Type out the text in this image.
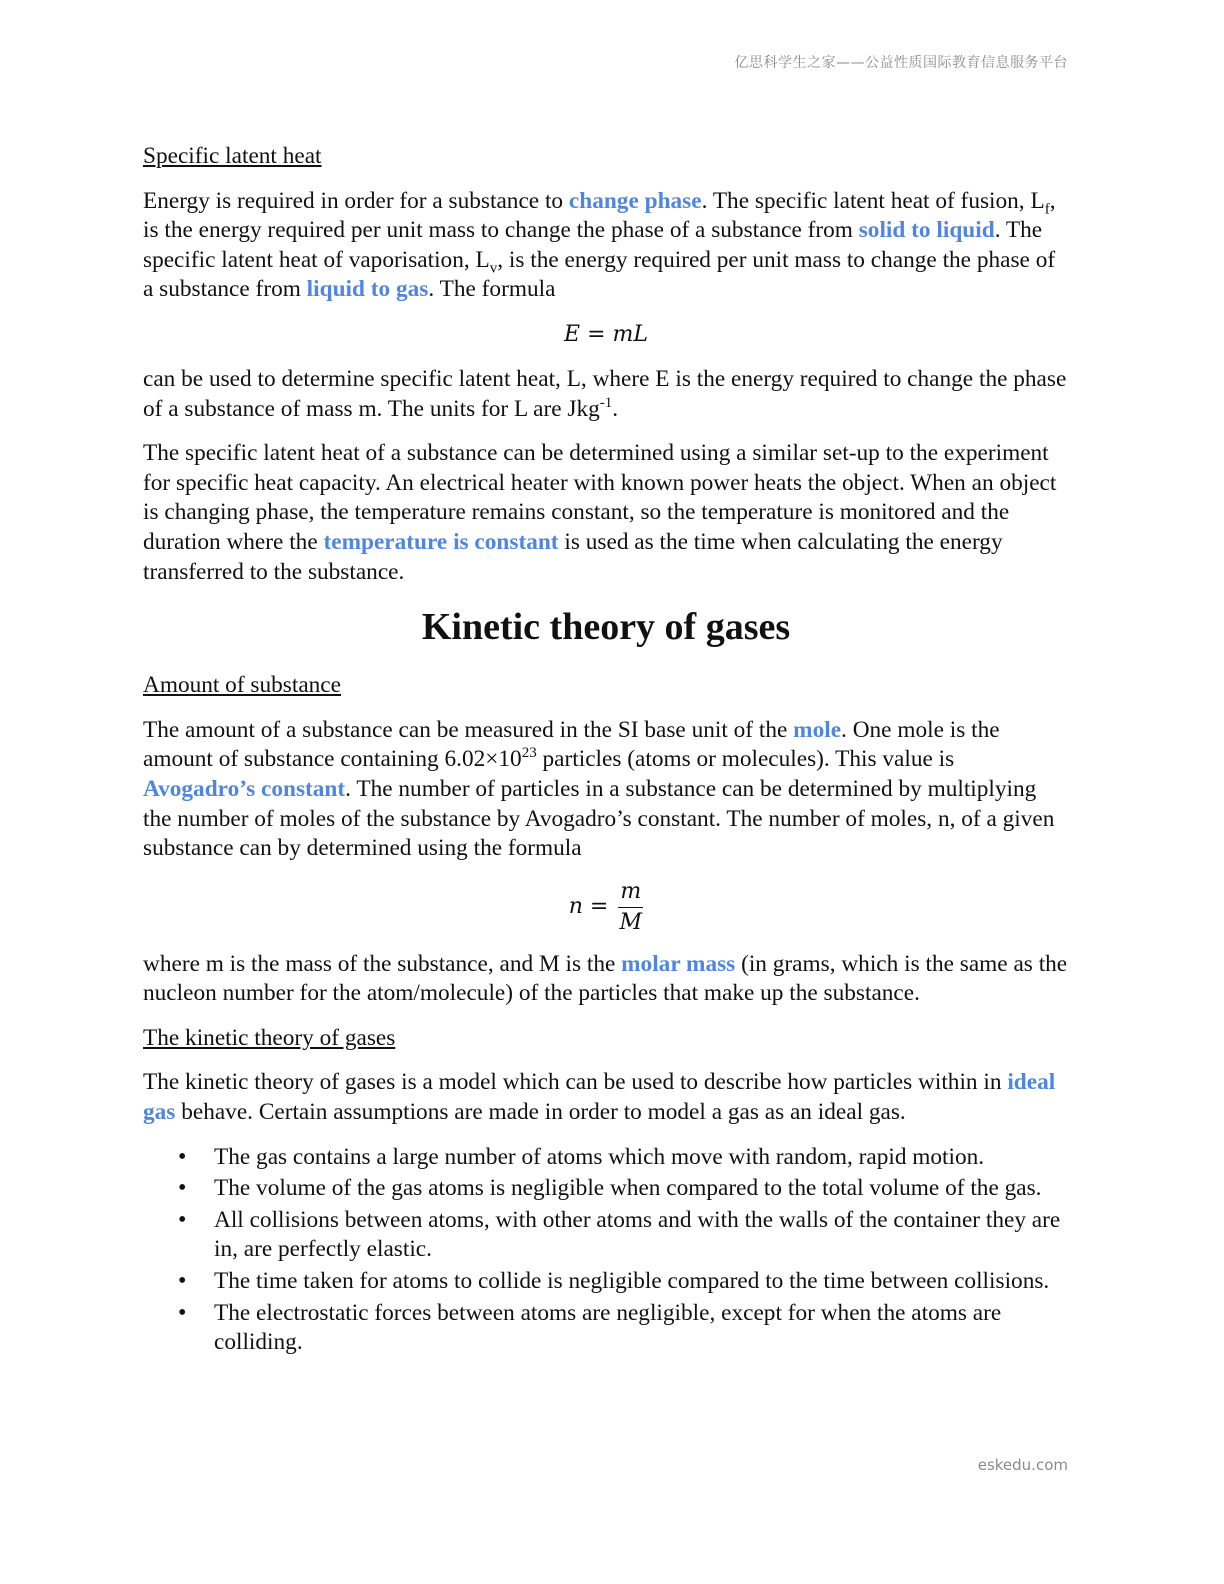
亿思科学生之家——公益性质国际教育信息服务平台

Specific latent heat

Energy is required in order for a substance to change phase. The specific latent heat of fusion, $L_f$, is the energy required per unit mass to change the phase of a substance from solid to liquid. The specific latent heat of vaporisation, $L_v$, is the energy required per unit mass to change the phase of a substance from liquid to gas. The formula

E = mL

can be used to determine specific latent heat, L, where E is the energy required to change the phase of a substance of mass m. The units for L are Jkg$^{-1}$.

The specific latent heat of a substance can be determined using a similar set-up to the experiment for specific heat capacity. An electrical heater with known power heats the object. When an object is changing phase, the temperature remains constant, so the temperature is monitored and the duration where the temperature is constant is used as the time when calculating the energy transferred to the substance.

Kinetic theory of gases

Amount of substance

The amount of a substance can be measured in the SI base unit of the mole. One mole is the amount of substance containing $6.02\times 10^{23}$ particles (atoms or molecules). This value is Avogadro’s constant. The number of particles in a substance can be determined by multiplying the number of moles of the substance by Avogadro’s constant. The number of moles, n, of a given substance can by determined using the formula

$n = \frac{m}{M}$

where m is the mass of the substance, and M is the molar mass (in grams, which is the same as the nucleon number for the atom/molecule) of the particles that make up the substance.

The kinetic theory of gases

The kinetic theory of gases is a model which can be used to describe how particles within in ideal gas behave. Certain assumptions are made in order to model a gas as an ideal gas.

• The gas contains a large number of atoms which move with random, rapid motion.
• The volume of the gas atoms is negligible when compared to the total volume of the gas.
• All collisions between atoms, with other atoms and with the walls of the container they are in, are perfectly elastic.
• The time taken for atoms to collide is negligible compared to the time between collisions.
• The electrostatic forces between atoms are negligible, except for when the atoms are colliding.
eskedu.com
